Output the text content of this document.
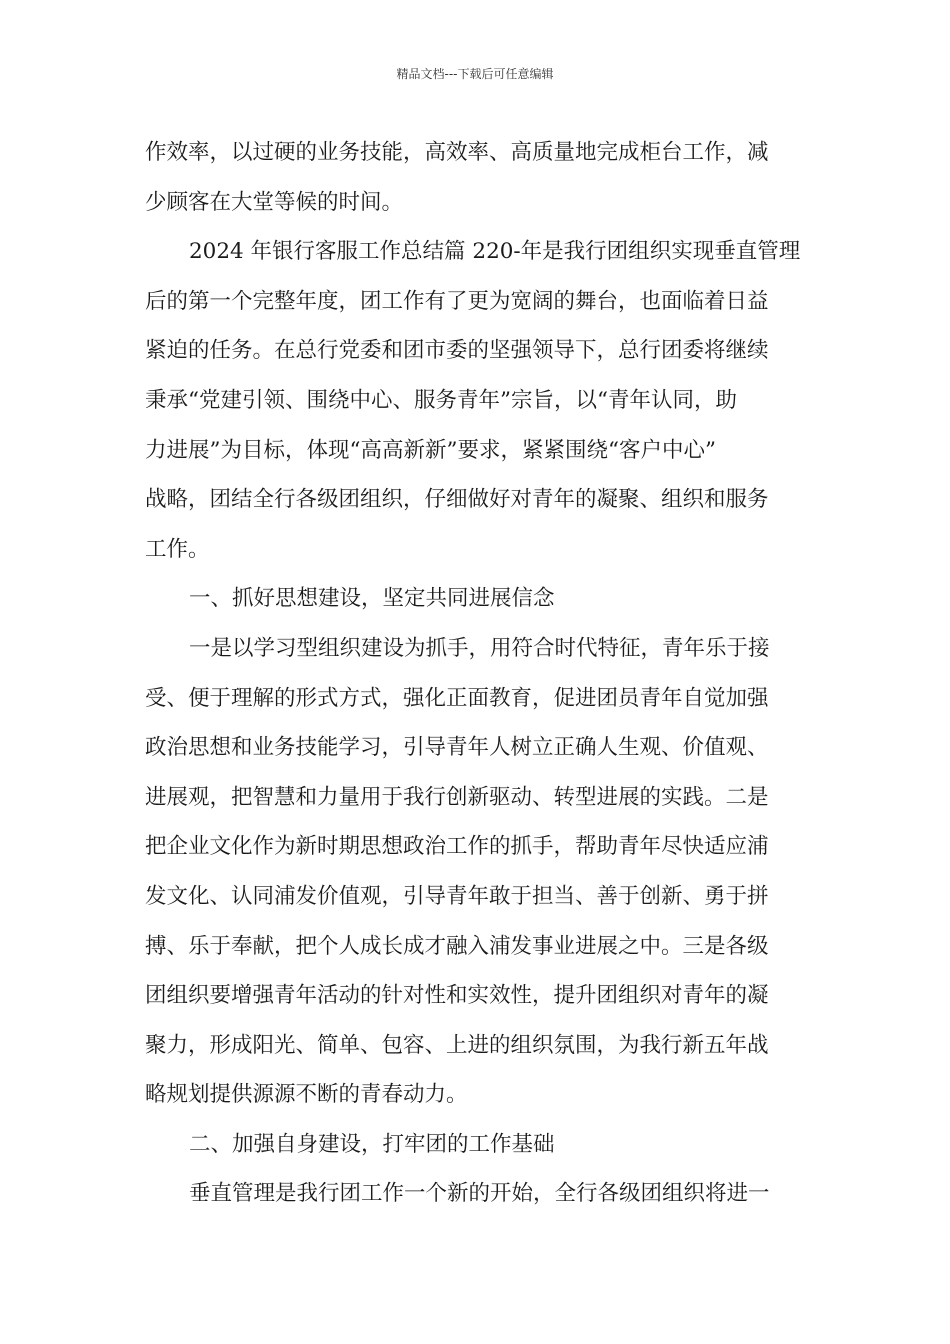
精品文档---下载后可任意编辑
作效率，以过硬的业务技能，高效率、高质量地完成柜台工作，减
少顾客在大堂等候的时间。
2024 年银行客服工作总结篇 220-年是我行团组织实现垂直管理
后的第一个完整年度，团工作有了更为宽阔的舞台，也面临着日益
紧迫的任务。在总行党委和团市委的坚强领导下，总行团委将继续
秉承“党建引领、围绕中心、服务青年”宗旨，以“青年认同，助
力进展”为目标，体现“高高新新”要求，紧紧围绕“客户中心”
战略，团结全行各级团组织，仔细做好对青年的凝聚、组织和服务
工作。
一、抓好思想建设，坚定共同进展信念
一是以学习型组织建设为抓手，用符合时代特征，青年乐于接
受、便于理解的形式方式，强化正面教育，促进团员青年自觉加强
政治思想和业务技能学习，引导青年人树立正确人生观、价值观、
进展观，把智慧和力量用于我行创新驱动、转型进展的实践。二是
把企业文化作为新时期思想政治工作的抓手，帮助青年尽快适应浦
发文化、认同浦发价值观，引导青年敢于担当、善于创新、勇于拼
搏、乐于奉献，把个人成长成才融入浦发事业进展之中。三是各级
团组织要增强青年活动的针对性和实效性，提升团组织对青年的凝
聚力，形成阳光、简单、包容、上进的组织氛围，为我行新五年战
略规划提供源源不断的青春动力。
二、加强自身建设，打牢团的工作基础
垂直管理是我行团工作一个新的开始，全行各级团组织将进一
